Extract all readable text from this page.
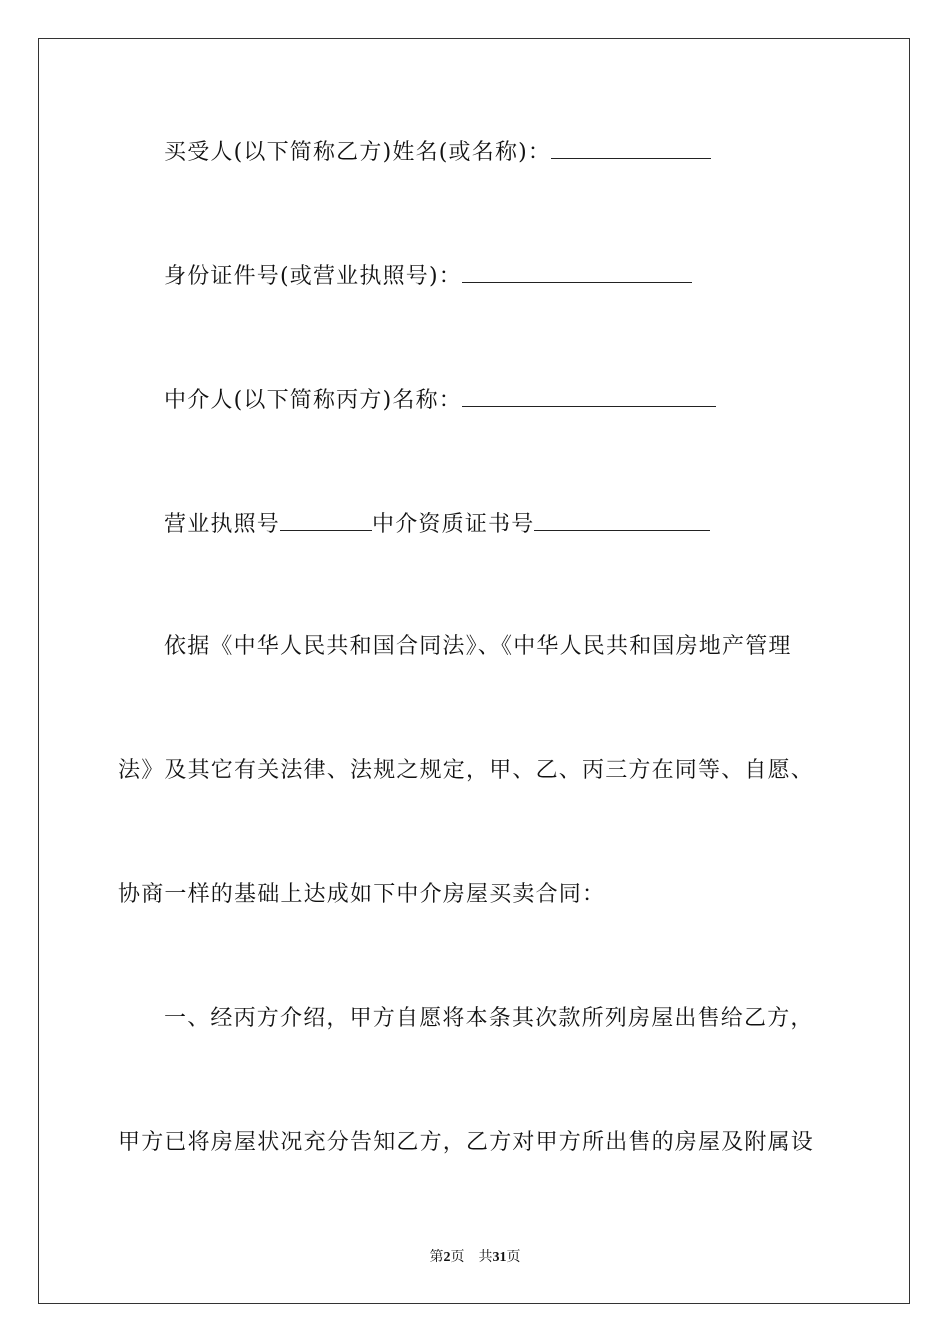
买受人(以下简称乙方)姓名(或名称)：
身份证件号(或营业执照号)：
中介人(以下简称丙方)名称：
营业执照号	中介资质证书号
依据《中华人民共和国合同法》、《中华人民共和国房地产管理
法》及其它有关法律、法规之规定，甲、乙、丙三方在同等、自愿、
协商一样的基础上达成如下中介房屋买卖合同：
一、经丙方介绍，甲方自愿将本条其次款所列房屋出售给乙方，
甲方已将房屋状况充分告知乙方，乙方对甲方所出售的房屋及附属设
第2页 共31页
